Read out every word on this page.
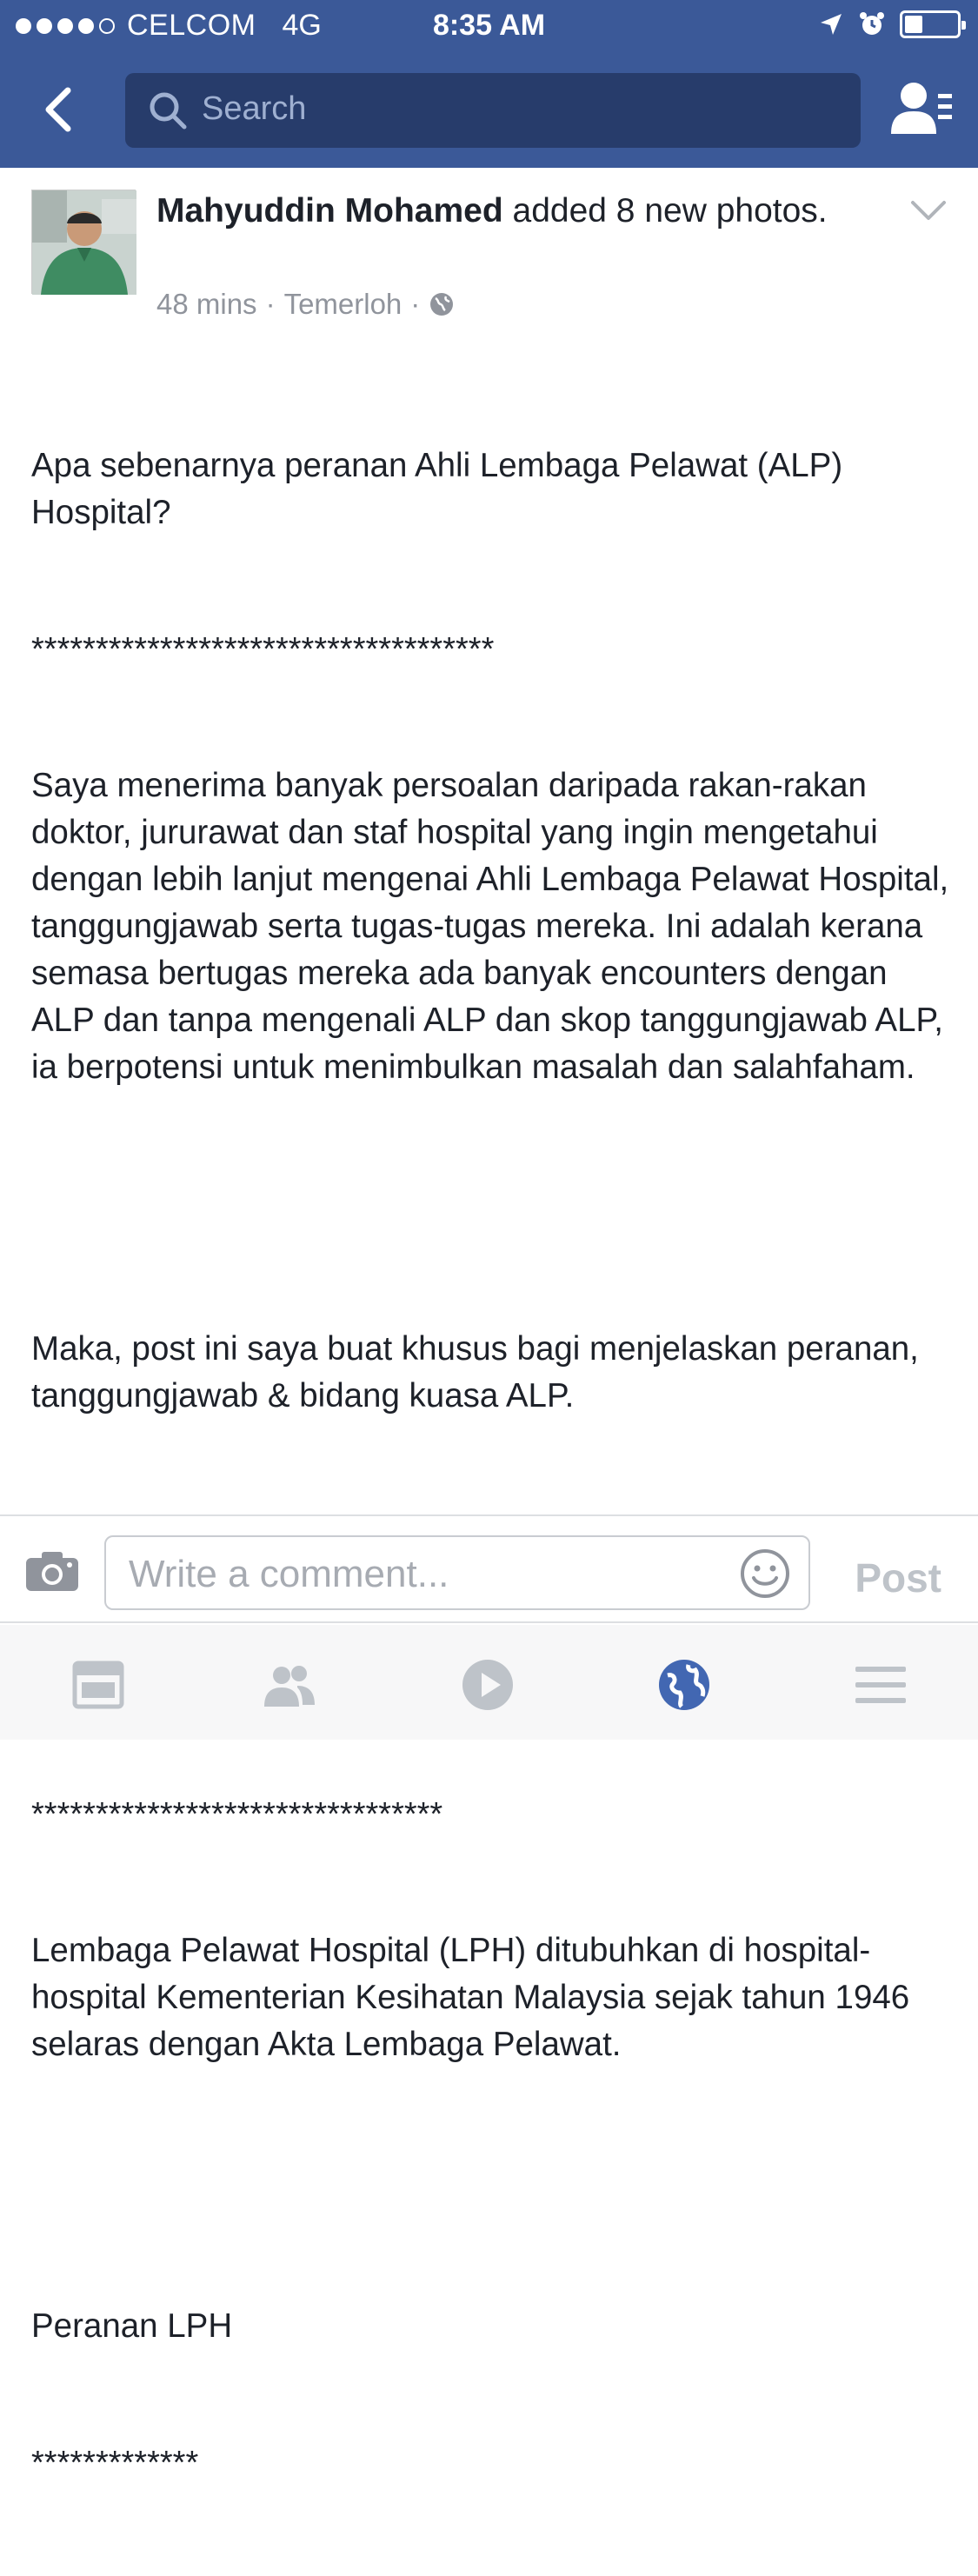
CELCOM 4G	8:35 AM
Search
Mahyuddin Mohamed added 8 new photos.
48 mins · Temerloh ·

Apa sebenarnya peranan Ahli Lembaga Pelawat (ALP) Hospital?

************************************

Saya menerima banyak persoalan daripada rakan-rakan doktor, jururawat dan staf hospital yang ingin mengetahui dengan lebih lanjut mengenai Ahli Lembaga Pelawat Hospital, tanggungjawab serta tugas-tugas mereka. Ini adalah kerana semasa bertugas mereka ada banyak encounters dengan ALP dan tanpa mengenali ALP dan skop tanggungjawab ALP, ia berpotensi untuk menimbulkan masalah dan salahfaham.

Maka, post ini saya buat khusus bagi menjelaskan peranan, tanggungjawab & bidang kuasa ALP.

********************************

Lembaga Pelawat Hospital (LPH) ditubuhkan di hospital-hospital Kementerian Kesihatan Malaysia sejak tahun 1946 selaras dengan Akta Lembaga Pelawat.

Peranan LPH

*************

Write a comment...	Post
